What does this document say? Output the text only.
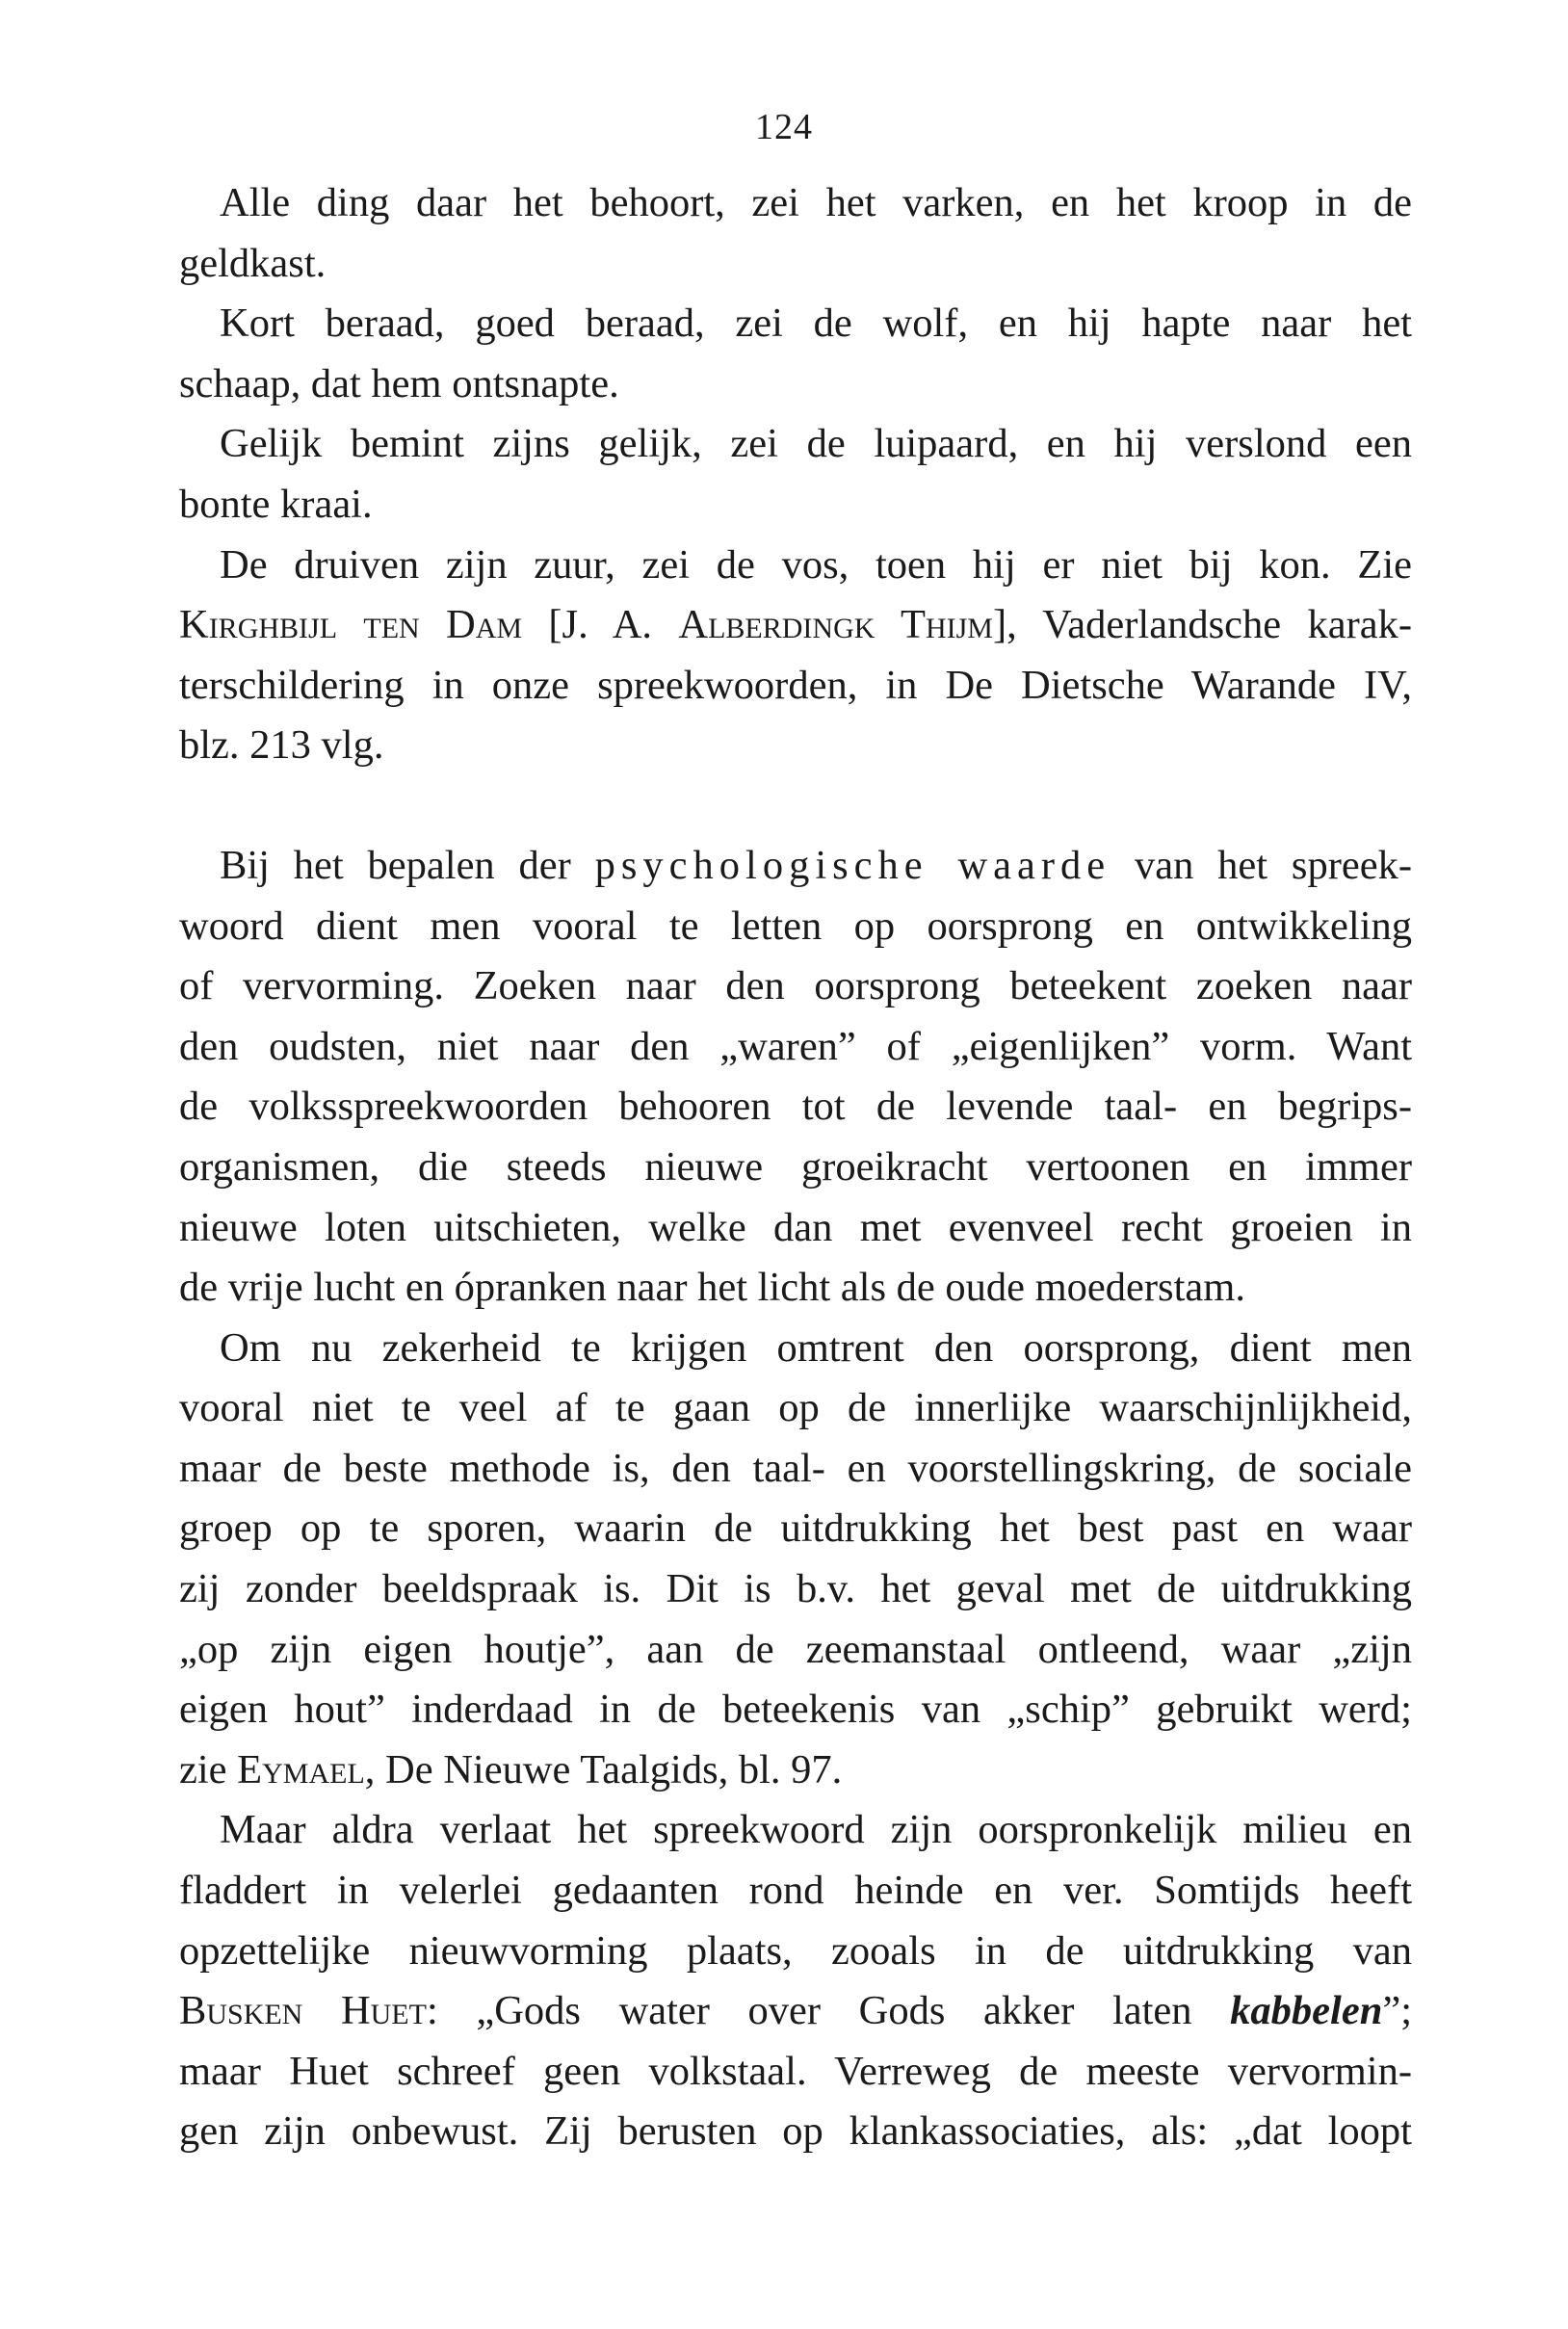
124
Alle ding daar het behoort, zei het varken, en het kroop in de
geldkast.
Kort beraad, goed beraad, zei de wolf, en hij hapte naar het
schaap, dat hem ontsnapte.
Gelijk bemint zijns gelijk, zei de luipaard, en hij verslond een
bonte kraai.
De druiven zijn zuur, zei de vos, toen hij er niet bij kon. Zie
Kirghbijl ten Dam [J. A. Alberdingk Thijm], Vaderlandsche karak-
terschildering in onze spreekwoorden, in De Dietsche Warande IV,
blz. 213 vlg.
Bij het bepalen der psychologische waarde van het spreek-
woord dient men vooral te letten op oorsprong en ontwikkeling
of vervorming. Zoeken naar den oorsprong beteekent zoeken naar
den oudsten, niet naar den „waren” of „eigenlijken” vorm. Want
de volksspreekwoorden behooren tot de levende taal- en begrips-
organismen, die steeds nieuwe groeikracht vertoonen en immer
nieuwe loten uitschieten, welke dan met evenveel recht groeien in
de vrije lucht en ópranken naar het licht als de oude moederstam.
Om nu zekerheid te krijgen omtrent den oorsprong, dient men
vooral niet te veel af te gaan op de innerlijke waarschijnlijkheid,
maar de beste methode is, den taal- en voorstellingskring, de sociale
groep op te sporen, waarin de uitdrukking het best past en waar
zij zonder beeldspraak is. Dit is b.v. het geval met de uitdrukking
„op zijn eigen houtje”, aan de zeemanstaal ontleend, waar „zijn
eigen hout” inderdaad in de beteekenis van „schip” gebruikt werd;
zie Eymael, De Nieuwe Taalgids, bl. 97.
Maar aldra verlaat het spreekwoord zijn oorspronkelijk milieu en
fladdert in velerlei gedaanten rond heinde en ver. Somtijds heeft
opzettelijke nieuwvorming plaats, zooals in de uitdrukking van
Busken Huet: „Gods water over Gods akker laten kabbelen”;
maar Huet schreef geen volkstaal. Verreweg de meeste vervormin-
gen zijn onbewust. Zij berusten op klankassociaties, als: „dat loopt
